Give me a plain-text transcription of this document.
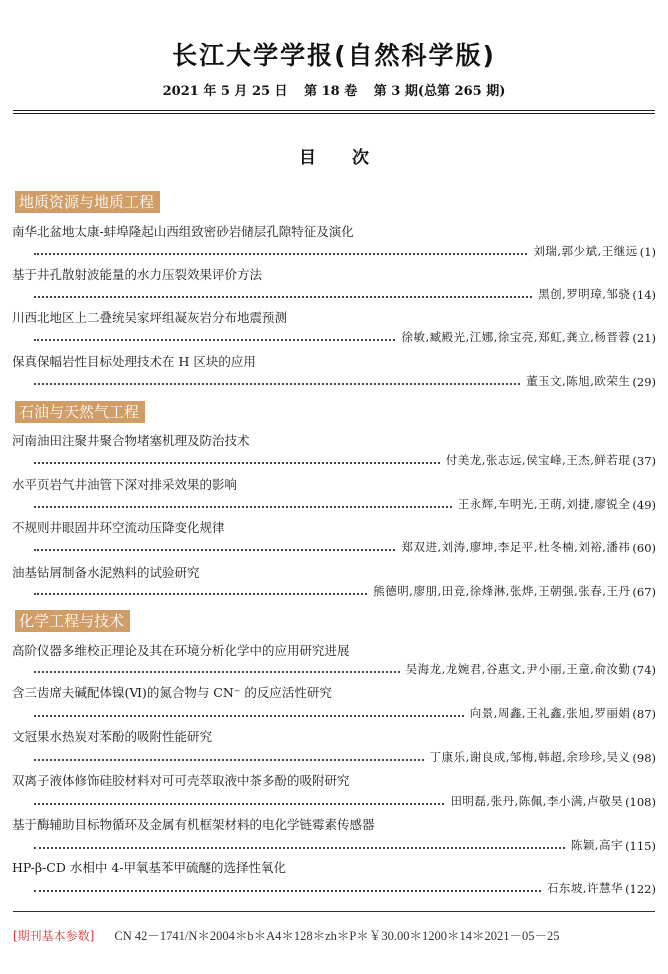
长江大学学报(自然科学版)
2021 年 5 月 25 日 第 18 卷 第 3 期(总第 265 期)
目 次
地质资源与地质工程
南华北盆地太康-蚌埠隆起山西组致密砂岩储层孔隙特征及演化
刘瑞,郭少斌,王继远 (1)
基于井孔散射波能量的水力压裂效果评价方法
黑创,罗明璋,邹骁 (14)
川西北地区上二叠统吴家坪组凝灰岩分布地震预测
徐敏,臧殿光,江娜,徐宝亮,郑虹,龚立,杨晋蓉 (21)
保真保幅岩性目标处理技术在 H 区块的应用
董玉文,陈旭,欧荣生 (29)
石油与天然气工程
河南油田注聚井聚合物堵塞机理及防治技术
付美龙,张志远,侯宝峰,王杰,鲜若琨 (37)
水平页岩气井油管下深对排采效果的影响
王永辉,车明光,王萌,刘捷,廖锐全 (49)
不规则井眼固井环空流动压降变化规律
郑双进,刘涛,廖坤,李足平,杜冬楠,刘裕,潘祎 (60)
油基钻屑制备水泥熟料的试验研究
熊德明,廖朋,田竞,徐烽淋,张烨,王朝强,张春,王丹 (67)
化学工程与技术
高阶仪器多维校正理论及其在环境分析化学中的应用研究进展
吴海龙,龙婉君,谷惠文,尹小丽,王童,俞汝勤 (74)
含三齿席夫碱配体镍(Ⅵ)的氮合物与 CN⁻ 的反应活性研究
向景,周鑫,王礼鑫,张旭,罗丽娟 (87)
文冠果水热炭对苯酚的吸附性能研究
丁康乐,谢良成,邹梅,韩超,余珍珍,吴义 (98)
双离子液体修饰硅胶材料对可可壳萃取液中茶多酚的吸附研究
田明磊,张丹,陈佩,李小满,卢敬昊 (108)
基于酶辅助目标物循环及金属有机框架材料的电化学链霉素传感器
陈颖,高宇 (115)
HP-β-CD 水相中 4-甲氧基苯甲硫醚的选择性氧化
石东坡,许慧华 (122)
[期刊基本参数] CN 42－1741/N＊2004＊b＊A4＊128＊zh＊P＊￥30.00＊1200＊14＊2021－05－25
